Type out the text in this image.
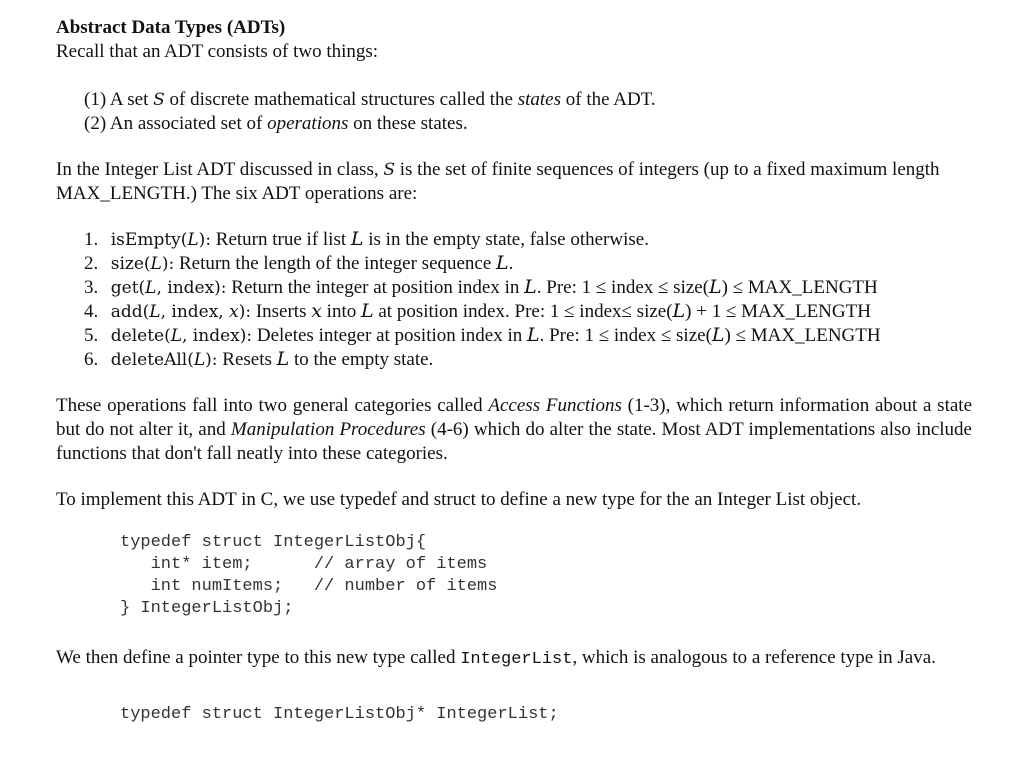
Abstract Data Types (ADTs)

Recall that an ADT consists of two things:

(1) A set 𝑆 of discrete mathematical structures called the states of the ADT.
(2) An associated set of operations on these states.

In the Integer List ADT discussed in class, 𝑆 is the set of finite sequences of integers (up to a fixed maximum length MAX_LENGTH.) The six ADT operations are:

1. isEmpty(𝐿): Return true if list 𝐿 is in the empty state, false otherwise.
2. size(𝐿): Return the length of the integer sequence 𝐿.
3. get(𝐿, index): Return the integer at position index in 𝐿. Pre: 1 ≤ index ≤ size(𝐿) ≤ MAX_LENGTH
4. add(𝐿, index, 𝑥): Inserts 𝑥 into 𝐿 at position index. Pre: 1 ≤ index≤ size(𝐿) + 1 ≤ MAX_LENGTH
5. delete(𝐿, index): Deletes integer at position index in 𝐿. Pre: 1 ≤ index ≤ size(𝐿) ≤ MAX_LENGTH
6. deleteAll(𝐿): Resets 𝐿 to the empty state.

These operations fall into two general categories called Access Functions (1-3), which return information about a state but do not alter it, and Manipulation Procedures (4-6) which do alter the state. Most ADT implementations also include functions that don't fall neatly into these categories.

To implement this ADT in C, we use typedef and struct to define a new type for the an Integer List object.

typedef struct IntegerListObj{
int* item;      // array of items
int numItems;   // number of items
} IntegerListObj;

We then define a pointer type to this new type called IntegerList, which is analogous to a reference type in Java.

typedef struct IntegerListObj* IntegerList;
